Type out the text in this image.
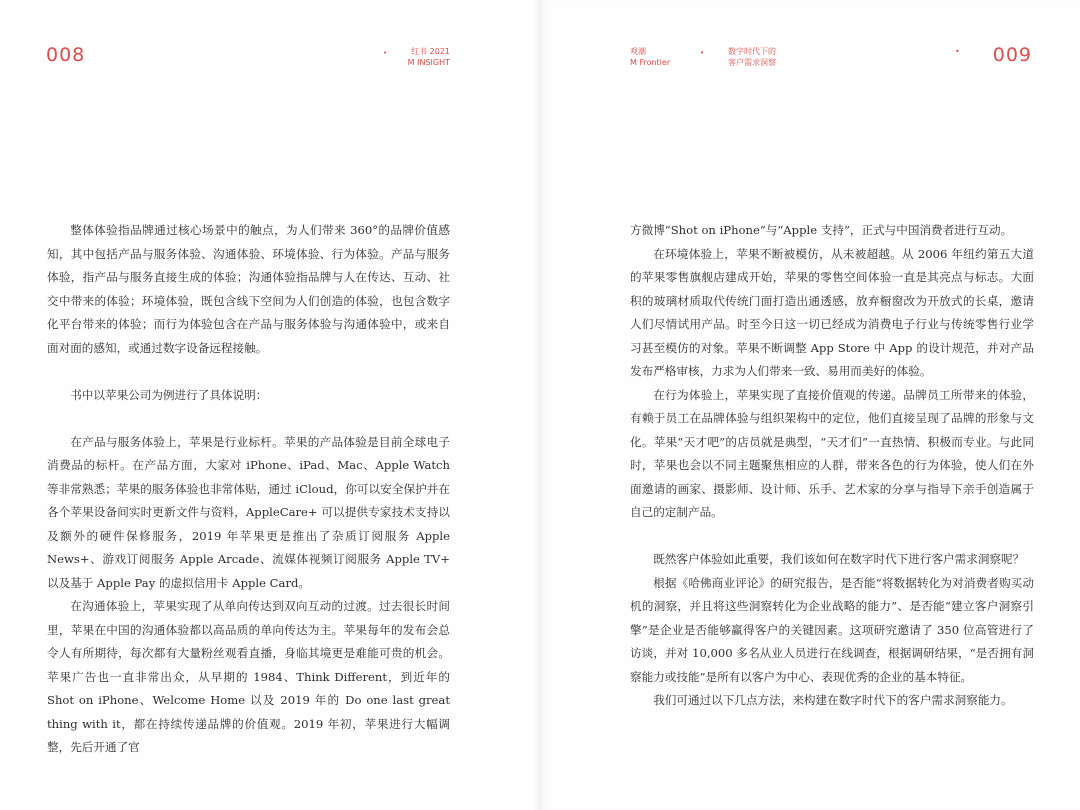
008	•	红书 2021
M INSIGHT

整体体验指品牌通过核心场景中的触点，为人们带来 360°的品牌价值感知，其中包括产品与服务体验、沟通体验、环境体验、行为体验。产品与服务体验，指产品与服务直接生成的体验；沟通体验指品牌与人在传达、互动、社交中带来的体验；环境体验，既包含线下空间为人们创造的体验，也包含数字化平台带来的体验；而行为体验包含在产品与服务体验与沟通体验中，或来自面对面的感知，或通过数字设备远程接触。

书中以苹果公司为例进行了具体说明：

在产品与服务体验上，苹果是行业标杆。苹果的产品体验是目前全球电子消费品的标杆。在产品方面，大家对 iPhone、iPad、Mac、Apple Watch 等非常熟悉；苹果的服务体验也非常体贴，通过 iCloud，你可以安全保护并在各个苹果设备间实时更新文件与资料，AppleCare+ 可以提供专家技术支持以及额外的硬件保修服务，2019 年苹果更是推出了杂质订阅服务 Apple News+、游戏订阅服务 Apple Arcade、流媒体视频订阅服务 Apple TV+ 以及基于 Apple Pay 的虚拟信用卡 Apple Card。

在沟通体验上，苹果实现了从单向传达到双向互动的过渡。过去很长时间里，苹果在中国的沟通体验都以高品质的单向传达为主。苹果每年的发布会总令人有所期待，每次都有大量粉丝观看直播，身临其境更是难能可贵的机会。苹果广告也一直非常出众，从早期的 1984、Think Different，到近年的 Shot on iPhone、Welcome Home 以及 2019 年的 Do one last great thing with it，都在持续传递品牌的价值观。2019 年初，苹果进行大幅调整，先后开通了官

•
观潮
M Frontier
数字时代下的
客户需求洞察
• 009

方微博“Shot on iPhone”与“Apple 支持”，正式与中国消费者进行互动。

在环境体验上，苹果不断被模仿，从未被超越。从 2006 年纽约第五大道的苹果零售旗舰店建成开始，苹果的零售空间体验一直是其亮点与标志。大面积的玻璃材质取代传统门面打造出通透感，放弃橱窗改为开放式的长桌，邀请人们尽情试用产品。时至今日这一切已经成为消费电子行业与传统零售行业学习甚至模仿的对象。苹果不断调整 App Store 中 App 的设计规范，并对产品发布严格审核，力求为人们带来一致、易用而美好的体验。

在行为体验上，苹果实现了直接价值观的传递。品牌员工所带来的体验，有赖于员工在品牌体验与组织架构中的定位，他们直接呈现了品牌的形象与文化。苹果“天才吧”的店员就是典型，“天才们”一直热情、积极而专业。与此同时，苹果也会以不同主题聚焦相应的人群，带来各色的行为体验，使人们在外面邀请的画家、摄影师、设计师、乐手、艺术家的分享与指导下亲手创造属于自己的定制产品。

既然客户体验如此重要，我们该如何在数字时代下进行客户需求洞察呢？

根据《哈佛商业评论》的研究报告，是否能“将数据转化为对消费者购买动机的洞察，并且将这些洞察转化为企业战略的能力”、是否能“建立客户洞察引擎”是企业是否能够赢得客户的关键因素。这项研究邀请了 350 位高管进行了访谈，并对 10,000 多名从业人员进行在线调查，根据调研结果，“是否拥有洞察能力或技能”是所有以客户为中心、表现优秀的企业的基本特征。

我们可通过以下几点方法，来构建在数字时代下的客户需求洞察能力。
